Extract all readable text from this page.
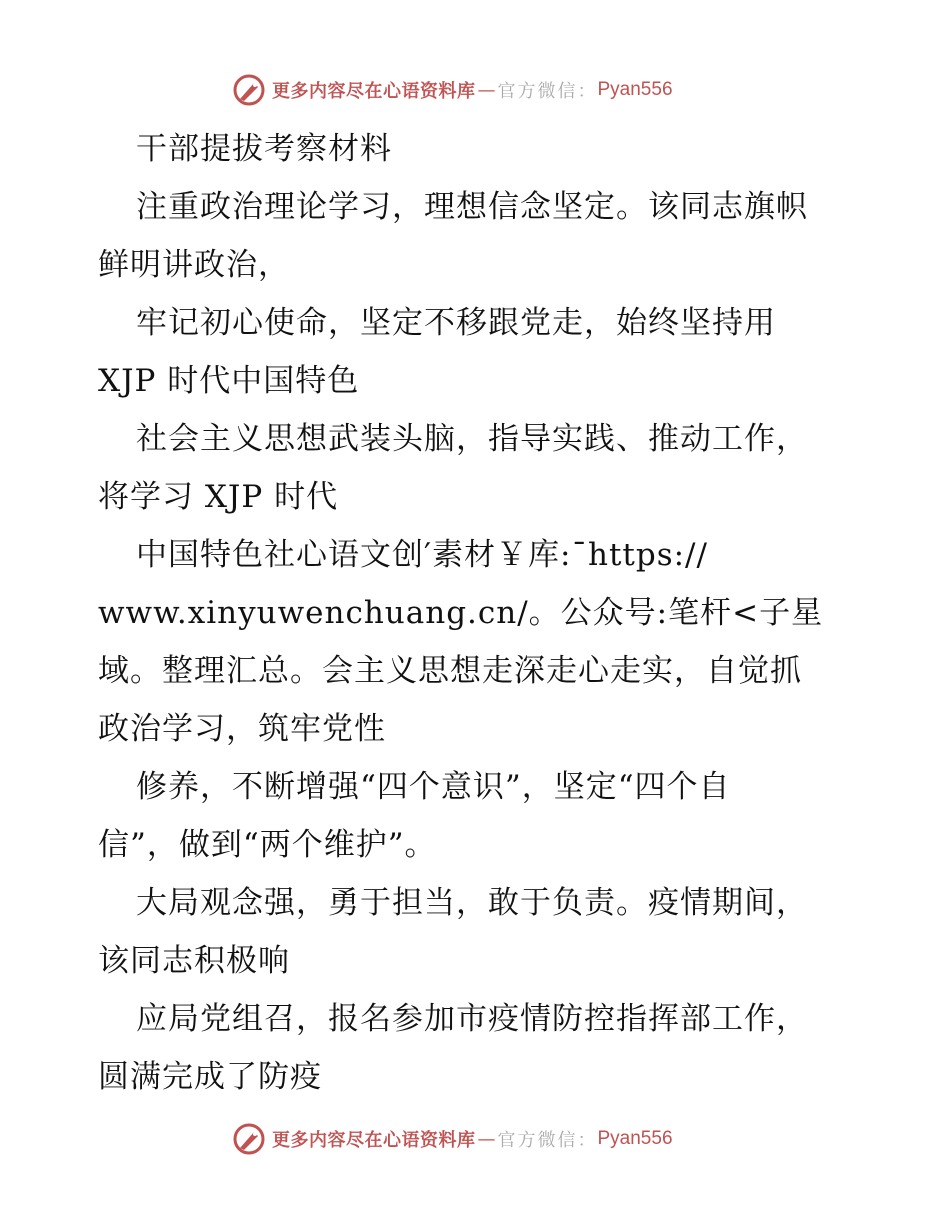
更多内容尽在心语资料库 — 官方微信： Pyan556
干部提拔考察材料
注重政治理论学习，理想信念坚定。该同志旗帜
鲜明讲政治，
牢记初心使命，坚定不移跟党走，始终坚持用
XJP 时代中国特色
社会主义思想武装头脑，指导实践、推动工作，
将学习 XJP 时代
中国特色社心语文创′素材￥库:¯https://
www.xinyuwenchuang.cn/。公众号:笔杆<子星
域。整理汇总。会主义思想走深走心走实，自觉抓
政治学习，筑牢党性
修养，不断增强“四个意识”，坚定“四个自
信”，做到“两个维护”。
大局观念强，勇于担当，敢于负责。疫情期间，
该同志积极响
应局党组召，报名参加市疫情防控指挥部工作，
圆满完成了防疫
更多内容尽在心语资料库 — 官方微信： Pyan556
